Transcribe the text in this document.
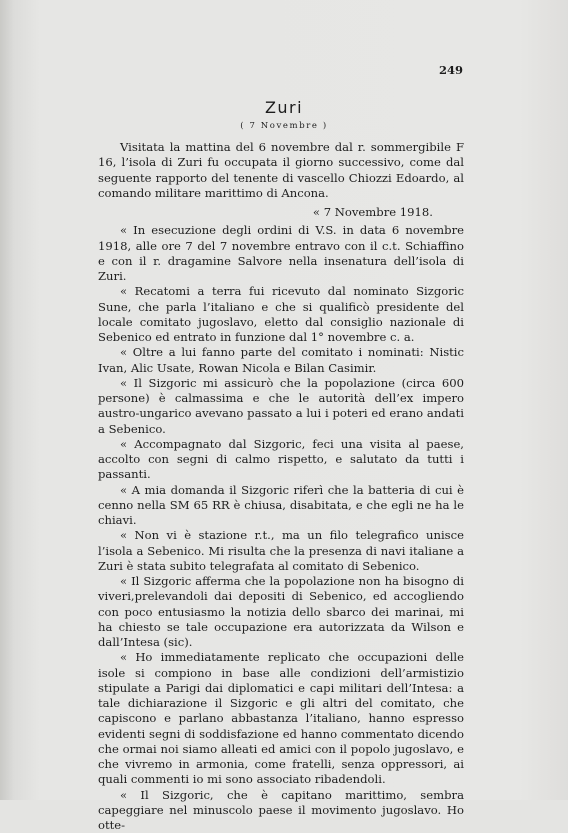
249
Zuri
( 7 Novembre )

Visitata la mattina del 6 novembre dal r. sommergibile F 16, l’isola di Zuri fu occupata il giorno successivo, come dal seguente rapporto del tenente di vascello Chiozzi Edoardo, al comando militare marittimo di Ancona.

« 7 Novembre 1918.

« In esecuzione degli ordini di V.S. in data 6 novembre 1918, alle ore 7 del 7 novembre entravo con il c.t. Schiaffino e con il r. dragamine Salvore nella insenatura dell’isola di Zuri.

« Recatomi a terra fui ricevuto dal nominato Sizgoric Sune, che parla l’italiano e che si qualificò presidente del locale comitato jugoslavo, eletto dal consiglio nazionale di Sebenico ed entrato in funzione dal 1° novembre c. a.

« Oltre a lui fanno parte del comitato i nominati: Nistic Ivan, Alic Usate, Rowan Nicola e Bilan Casimir.

« Il Sizgoric mi assicurò che la popolazione (circa 600 persone) è calmassima e che le autorità dell’ex impero austro-ungarico avevano passato a lui i poteri ed erano andati a Sebenico.

« Accompagnato dal Sizgoric, feci una visita al paese, accolto con segni di calmo rispetto, e salutato da tutti i passanti.

« A mia domanda il Sizgoric riferì che la batteria di cui è cenno nella SM 65 RR è chiusa, disabitata, e che egli ne ha le chiavi.

« Non vi è stazione r.t., ma un filo telegrafico unisce l’isola a Sebenico. Mi risulta che la presenza di navi italiane a Zuri è stata subito telegrafata al comitato di Sebenico.

« Il Sizgoric afferma che la popolazione non ha bisogno di viveri,prelevandoli dai depositi di Sebenico, ed accogliendo con poco entusiasmo la notizia dello sbarco dei marinai, mi ha chiesto se tale occupazione era autorizzata da Wilson e dall’Intesa (sic).

« Ho immediatamente replicato che occupazioni delle isole si compiono in base alle condizioni dell’armistizio stipulate a Parigi dai diplomatici e capi militari dell’Intesa: a tale dichiarazione il Sizgoric e gli altri del comitato, che capiscono e parlano abbastanza l’italiano, hanno espresso evidenti segni di soddisfazione ed hanno commentato dicendo che ormai noi siamo alleati ed amici con il popolo jugoslavo, e che vivremo in armonia, come fratelli, senza oppressori, ai quali commenti io mi sono associato ribadendoli.

« Il Sizgoric, che è capitano marittimo, sembra capeggiare nel minuscolo paese il movimento jugoslavo. Ho otte-
